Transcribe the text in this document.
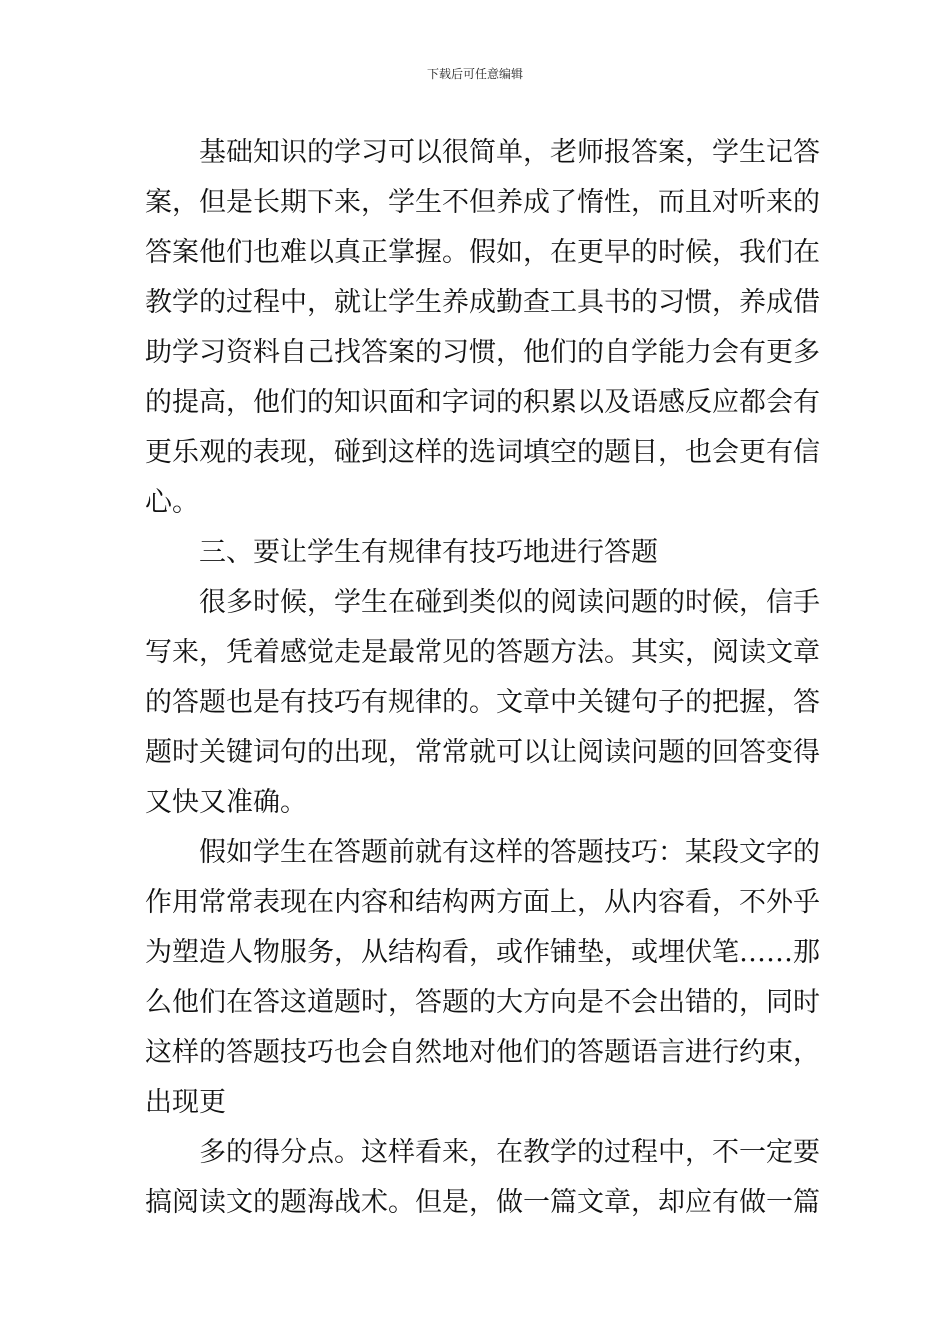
下载后可任意编辑
基础知识的学习可以很简单，老师报答案，学生记答
案，但是长期下来，学生不但养成了惰性，而且对听来的
答案他们也难以真正掌握。假如，在更早的时候，我们在
教学的过程中，就让学生养成勤查工具书的习惯，养成借
助学习资料自己找答案的习惯，他们的自学能力会有更多
的提高，他们的知识面和字词的积累以及语感反应都会有
更乐观的表现，碰到这样的选词填空的题目，也会更有信
心。
三、要让学生有规律有技巧地进行答题
很多时候，学生在碰到类似的阅读问题的时候，信手
写来，凭着感觉走是最常见的答题方法。其实，阅读文章
的答题也是有技巧有规律的。文章中关键句子的把握，答
题时关键词句的出现，常常就可以让阅读问题的回答变得
又快又准确。
假如学生在答题前就有这样的答题技巧：某段文字的
作用常常表现在内容和结构两方面上，从内容看，不外乎
为塑造人物服务，从结构看，或作铺垫，或埋伏笔……那
么他们在答这道题时，答题的大方向是不会出错的，同时
这样的答题技巧也会自然地对他们的答题语言进行约束，
出现更
多的得分点。这样看来，在教学的过程中，不一定要
搞阅读文的题海战术。但是，做一篇文章，却应有做一篇
